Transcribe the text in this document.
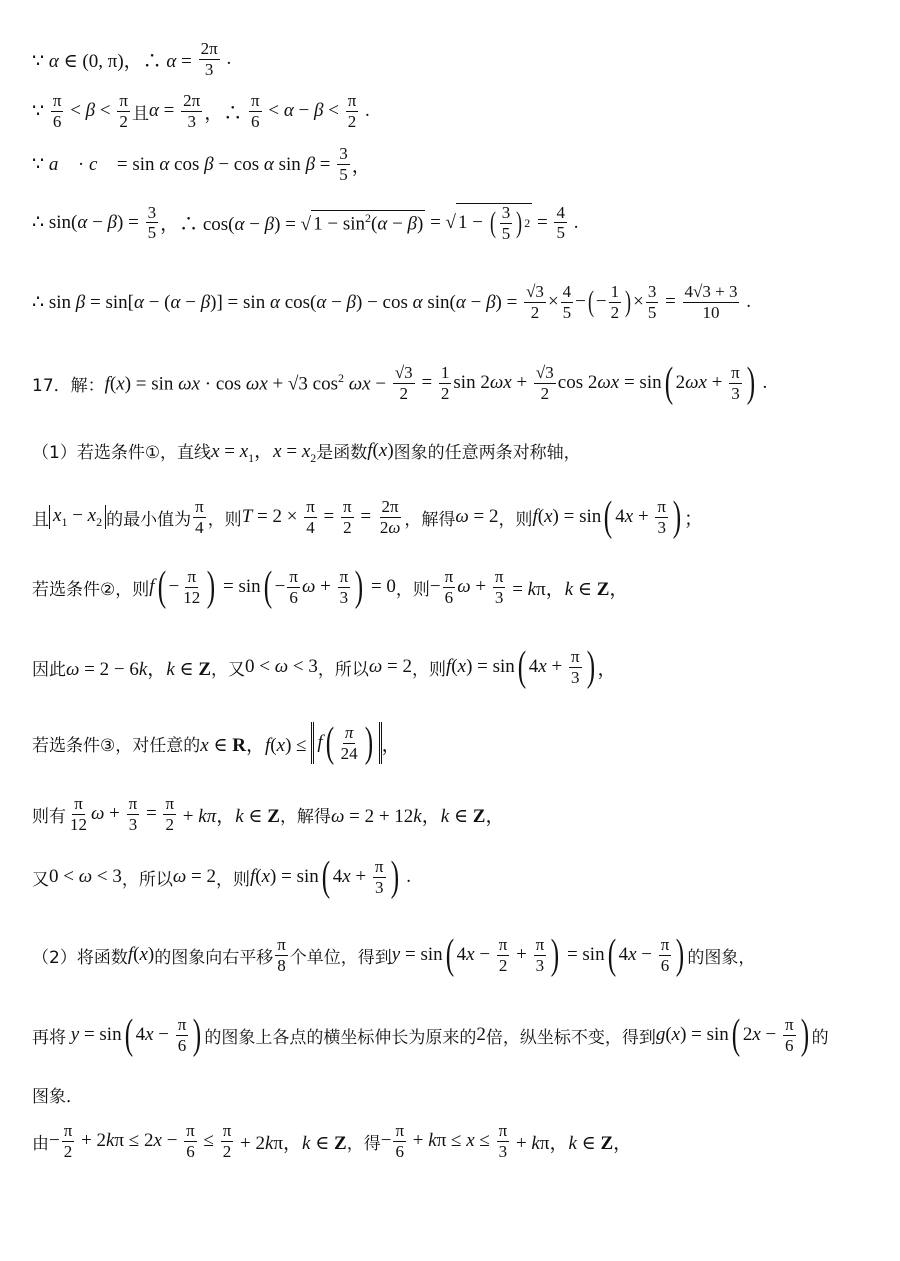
∵ α ∈ (0, π)，∴ $\alpha = \frac{2\pi}{3}$ .
∵ $\frac{\pi}{6} < \beta < \frac{\pi}{2}$ 且 $\alpha = \frac{2\pi}{3}$ ，∴ $\frac{\pi}{6} < \alpha - \beta < \frac{\pi}{2}$ .
∵ a⃗ · c⃗ = sin α cos β − cos α $\sin \beta = \frac{3}{5}$ ，
∴ $\sin(\alpha - \beta) = \frac{3}{5}$ ，∴ cos(α − β) = √ $1 - \sin^2(\alpha - \beta)$ = √ 1 − ( $\frac{3}{5}$ ) $2 = \frac{4}{5}$ .
∴ sin β = sin[α − (α − β)] = sin α cos(α − β) − cos α $\sin(\alpha - \beta) = \frac{√3}{2} \times \frac{4}{5}$ − ( − $\frac{1}{2}$ ) × $\frac{3}{5} = \frac{4√3 + 3}{10}$ .
17．解： f(x) = sin ωx · cos ωx + √3 $\cos^2 \omega x - \frac{√3}{2} = \frac{1}{2}$ $\sin 2\omega x + \frac{√3}{2}$ cos 2ωx = sin ( $2\omega x + \frac{\pi}{3}$ ) .
（1）若选条件①，直线 $x = x_1$，$x = x_2$ 是函数 f(x) 图象的任意两条对称轴，
且 $x_1 - x_2$ 的最小值为 $\frac{\pi}{4}$ ，则 $T = 2 \times \frac{\pi}{4} = \frac{\pi}{2} = \frac{2\pi}{2\omega}$ ，解得 ω = 2 ，则 f(x) = sin ( $4x + \frac{\pi}{3}$ ) ；
若选条件②，则 f ( − $\frac{\pi}{12}$ ) = sin ( − $\frac{\pi}{6}$ $\omega + \frac{\pi}{3}$ ) = 0 ，则 − $\frac{\pi}{6}$ $\omega + \frac{\pi}{3} = k\pi$，k ∈ Z，
因此 ω = 2 − 6k，k ∈ Z ，又 0 < ω < 3 ，所以 ω = 2 ，则 f(x) = sin ( $4x + \frac{\pi}{3}$ ) ，
若选条件③，对任意的 x ∈ R，f(x) ≤ f ( $\frac{\pi}{24}$ ) ，
则有 $\frac{\pi}{12}$ $\omega + \frac{\pi}{3} = \frac{\pi}{2} + k\pi$，k ∈ Z ，解得 ω = 2 + 12k，k ∈ Z，
又 0 < ω < 3 ，所以 ω = 2 ，则 f(x) = sin ( $4x + \frac{\pi}{3}$ ) .
（2）将函数 f(x) 的图象向右平移 $\frac{\pi}{8}$ 个单位，得到 y = sin ( $4x - \frac{\pi}{2} + \frac{\pi}{3}$ ) = sin ( $4x - \frac{\pi}{6}$ ) 的图象，
再将 y = sin ( $4x - \frac{\pi}{6}$ ) 的图象上各点的横坐标伸长为原来的 2 倍，纵坐标不变，得到 g(x) = sin ( $2x - \frac{\pi}{6}$ ) 的
图象．
由 − $\frac{\pi}{2} + 2k\pi \le 2x - \frac{\pi}{6} \le \frac{\pi}{2} + 2k\pi$，k ∈ Z ，得 − $\frac{\pi}{6} + k\pi \le x \le \frac{\pi}{3} + k\pi$，k ∈ Z，
